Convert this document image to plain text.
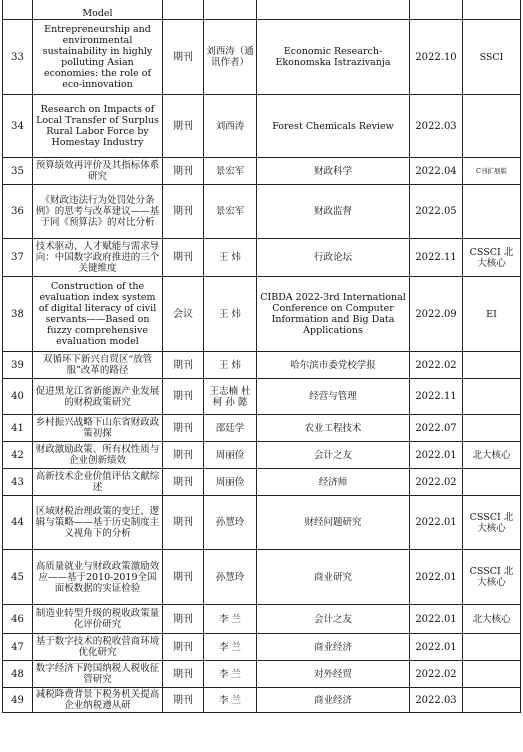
	Model					
33	Entrepreneurship and environmental sustainability in highly polluting Asian economies: the role of eco-innovation	期刊	刘西涛（通讯作者）	Economic Research-Ekonomska Istrazivanja	2022.10	SSCI
34	Research on Impacts of Local Transfer of Surplus Rural Labor Force by Homestay Industry	期刊	刘西涛	Forest Chemicals Review	2022.03	
35	预算绩效再评价及其指标体系研究	期刊	景宏军	财政科学	2022.04	C刊扩展版
36	《财政违法行为处罚处分条例》的思考与改革建议——基于同《预算法》的对比分析	期刊	景宏军	财政监督	2022.05	
37	技术驱动、人才赋能与需求导向：中国数字政府推进的三个关键维度	期刊	王 炜	行政论坛	2022.11	CSSCI 北大核心
38	Construction of the evaluation index system of digital literacy of civil servants——Based on fuzzy comprehensive evaluation model	会议	王 炜	CIBDA 2022-3rd International Conference on Computer Information and Big Data Applications	2022.09	EI
39	双循环下新兴自贸区“放管服”改革的路径	期刊	王 炜	哈尔滨市委党校学报	2022.02	
40	促进黑龙江省新能源产业发展的财税政策研究	期刊	王志楠 杜 柯 孙 懿	经营与管理	2022.11	
41	乡村振兴战略下山东省财政政策初探	期刊	邵廷学	农业工程技术	2022.07	
42	财政激励政策、所有权性质与企业创新绩效	期刊	周丽俭	会计之友	2022.01	北大核心
43	高新技术企业价值评估文献综述	期刊	周丽俭	经济师	2022.02	
44	区域财税治理政策的变迁、逻辑与策略——基于历史制度主义视角下的分析	期刊	孙慧玲	财经问题研究	2022.01	CSSCI 北大核心
45	高质量就业与财政政策激励效应——基于2010-2019全国面板数据的实证检验	期刊	孙慧玲	商业研究	2022.01	CSSCI 北大核心
46	制造业转型升级的税收政策量化评价研究	期刊	李 兰	会计之友	2022.01	北大核心
47	基于数字技术的税收营商环境优化研究	期刊	李 兰	商业经济	2022.01	
48	数字经济下跨国纳税人税收征管研究	期刊	李 兰	对外经贸	2022.02	
49	减税降费背景下税务机关提高企业纳税遵从研	期刊	李 兰	商业经济	2022.03	
